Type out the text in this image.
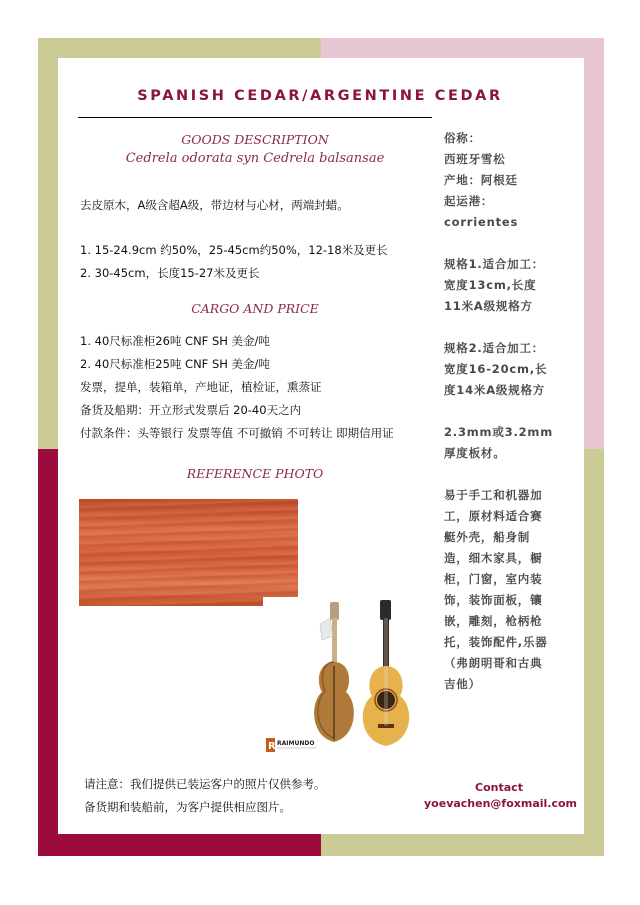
SPANISH CEDAR/ARGENTINE CEDAR
GOODS DESCRIPTION
Cedrela odorata syn Cedrela balsansae
去皮原木，A级含超A级，带边材与心材，两端封蜡。

1. 15-24.9cm 约50%，25-45cm约50%，12-18米及更长

2. 30-45cm，长度15-27米及更长

CARGO AND PRICE

1. 40尺标准柜26吨 CNF SH 美金/吨

2. 40尺标准柜25吨 CNF SH 美金/吨

发票，提单，装箱单，产地证，植检证，熏蒸证

备货及船期：开立形式发票后 20-40天之内

付款条件：头等银行 发票等值 不可撤销 不可转让 即期信用证

REFERENCE PHOTO
R RAIMUNDO

俗称：

西班牙雪松

产地：阿根廷

起运港：

corrientes

规格1.适合加工：

宽度13cm,长度

11米A级规格方

规格2.适合加工：

宽度16-20cm,长

度14米A级规格方

2.3mm或3.2mm

厚度板材。

易于手工和机器加

工，原材料适合赛

艇外壳，船身制

造，细木家具，橱

柜，门窗，室内装

饰，装饰面板，镶

嵌，雕刻，枪柄枪

托，装饰配件,乐器

（弗朗明哥和古典

吉他）

请注意：我们提供已装运客户的照片仅供参考。

备货期和装船前，为客户提供相应图片。

Contact
yoevachen@foxmail.com
